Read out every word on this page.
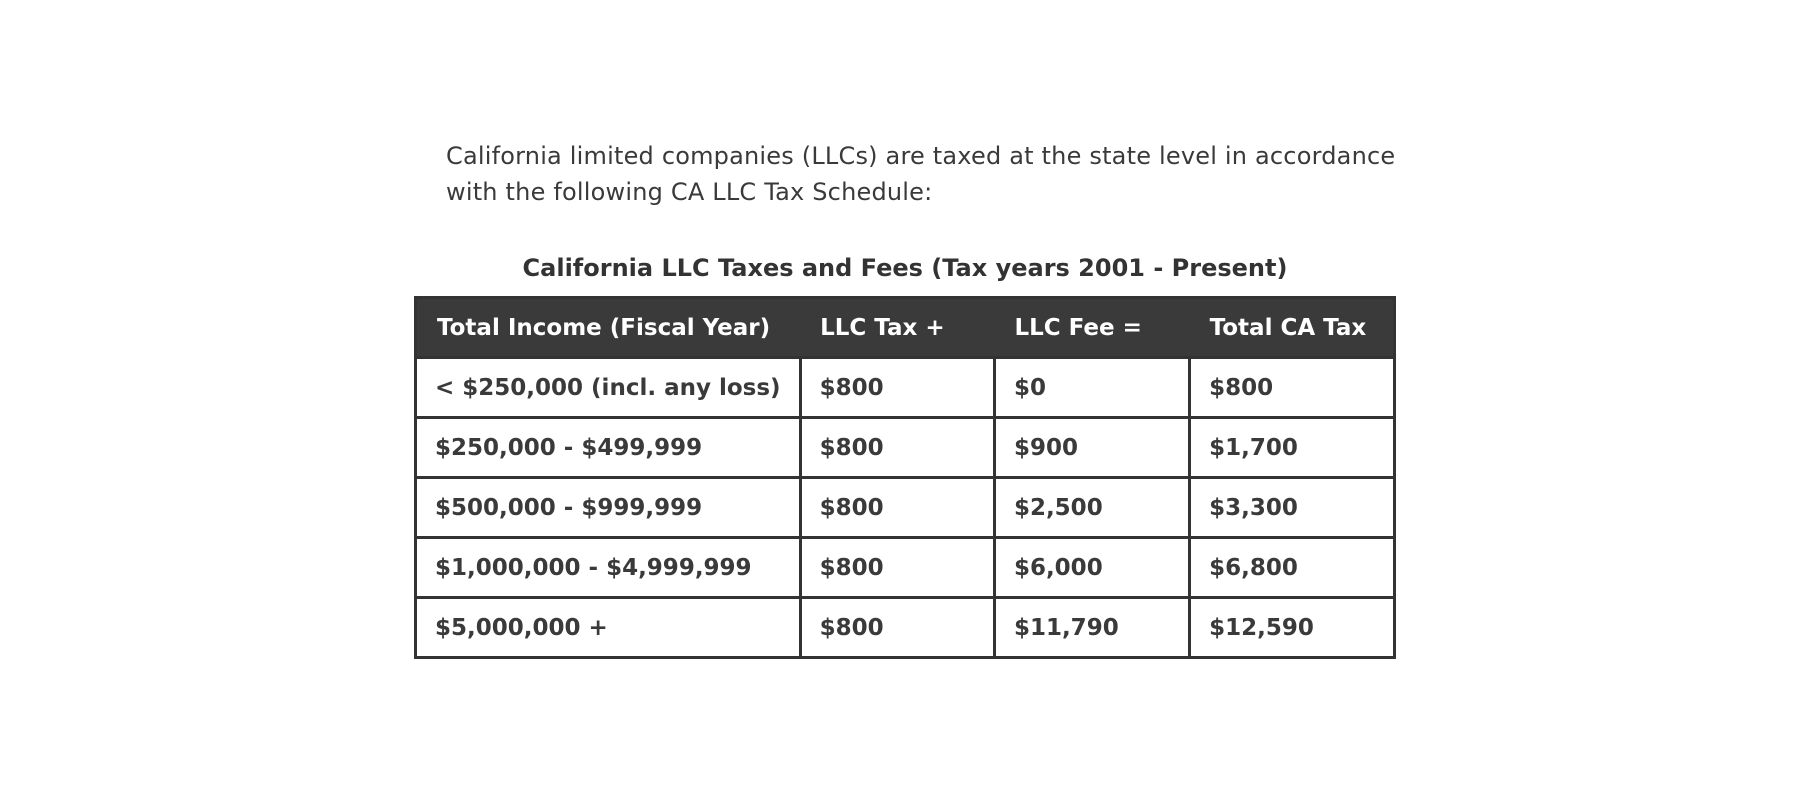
California limited companies (LLCs) are taxed at the state level in accordance with the following CA LLC Tax Schedule:

California LLC Taxes and Fees (Tax years 2001 - Present)
Total Income (Fiscal Year)	LLC Tax +	LLC Fee =	Total CA Tax
< $250,000 (incl. any loss)	$800	$0	$800
$250,000 - $499,999	$800	$900	$1,700
$500,000 - $999,999	$800	$2,500	$3,300
$1,000,000 - $4,999,999	$800	$6,000	$6,800
$5,000,000 +	$800	$11,790	$12,590
